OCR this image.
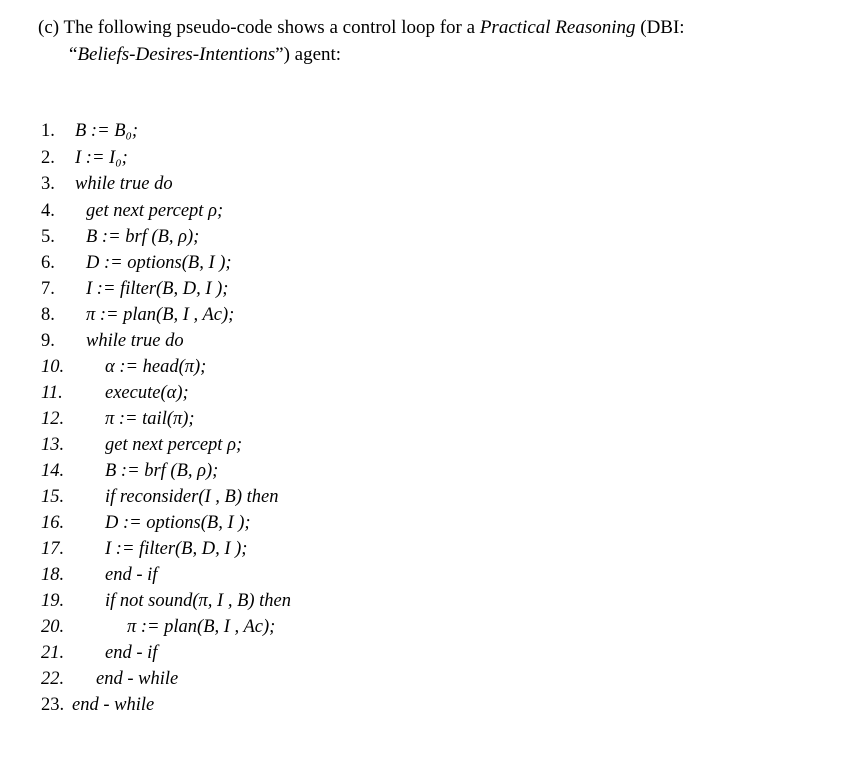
(c) The following pseudo-code shows a control loop for a Practical Reasoning (DBI:
“Beliefs-Desires-Intentions”) agent:
1. B := B₀;
2. I := I₀;
3. while true do
4. get next percept ρ;
5. B := brf (B, ρ);
6. D := options(B, I );
7. I := filter(B, D, I );
8. π := plan(B, I , Ac);
9. while true do
10. α := head(π);
11. execute(α);
12. π := tail(π);
13. get next percept ρ;
14. B := brf (B, ρ);
15. if reconsider(I , B) then
16. D := options(B, I );
17. I := filter(B, D, I );
18. end - if
19. if not sound(π, I , B) then
20.	π := plan(B, I , Ac);
21. end - if
22. end - while
23. end - while
